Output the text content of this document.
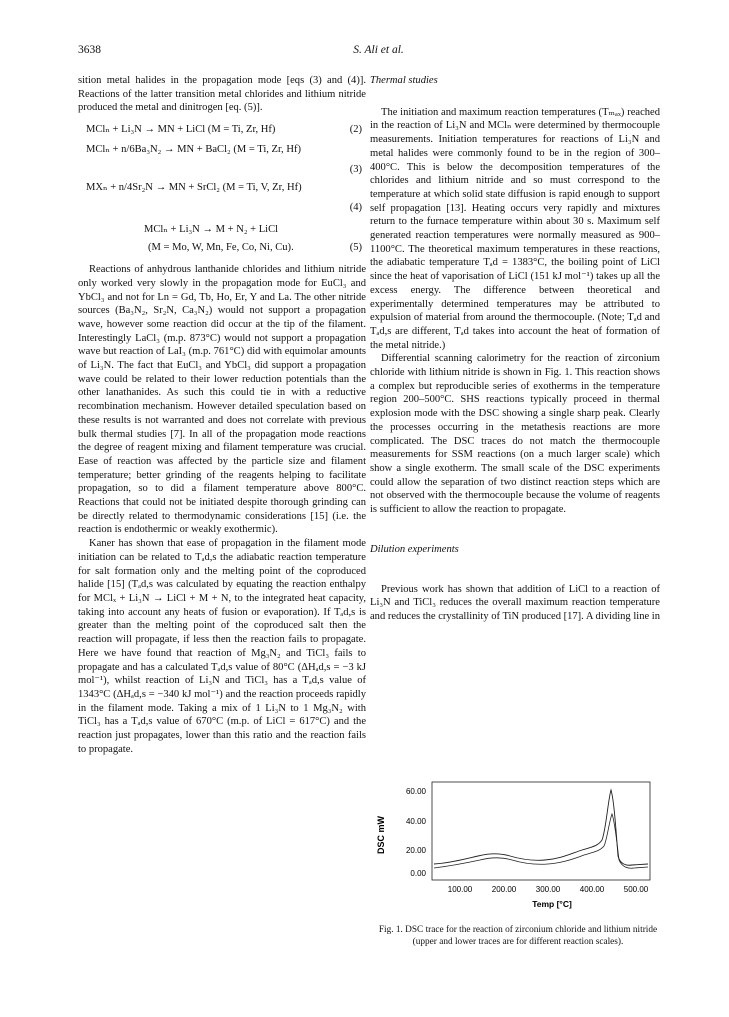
3638	S. Ali et al.

sition metal halides in the propagation mode [eqs (3) and (4)]. Reactions of the latter transition metal chlorides and lithium nitride produced the metal and dinitrogen [eq. (5)].

MClₙ + Li₃N → MN + LiCl (M = Ti, Zr, Hf)	(2)
MClₙ + n/6Ba₃N₂ → MN + BaCl₂ (M = Ti, Zr, Hf)
(3)
MXₙ + n/4Sr₂N → MN + SrCl₂ (M = Ti, V, Zr, Hf)
(4)
MClₙ + Li₃N → M + N₂ + LiCl
(M = Mo, W, Mn, Fe, Co, Ni, Cu).	(5)

Reactions of anhydrous lanthanide chlorides and lithium nitride only worked very slowly in the propagation mode for EuCl₃ and YbCl₃ and not for Ln = Gd, Tb, Ho, Er, Y and La. The other nitride sources (Ba₃N₂, Sr₂N, Ca₃N₂) would not support a propagation wave, however some reaction did occur at the tip of the filament. Interestingly LaCl₃ (m.p. 873°C) would not support a propagation wave but reaction of LaI₃ (m.p. 761°C) did with equimolar amounts of Li₃N. The fact that EuCl₃ and YbCl₃ did support a propagation wave could be related to their lower reduction potentials than the other lanathanides. As such this could tie in with a reductive recombination mechanism. However detailed speculation based on these results is not warranted and does not correlate with previous bulk thermal studies [7]. In all of the propagation mode reactions the degree of reagent mixing and filament temperature was crucial. Ease of reaction was affected by the particle size and filament temperature; better grinding of the reagents helping to facilitate propagation, so to did a filament temperature above 800°C. Reactions that could not be initiated despite thorough grinding can be directly related to thermodynamic considerations [15] (i.e. the reaction is endothermic or weakly exothermic).

Kaner has shown that ease of propagation in the filament mode initiation can be related to Tₐd,s the adiabatic reaction temperature for salt formation only and the melting point of the coproduced halide [15] (Tₐd,s was calculated by equating the reaction enthalpy for MClₓ + Li₃N → LiCl + M + N, to the integrated heat capacity, taking into account any heats of fusion or evaporation). If Tₐd,s is greater than the melting point of the coproduced salt then the reaction will propagate, if less then the reaction fails to propagate. Here we have found that reaction of Mg₃N₂ and TiCl₃ fails to propagate and has a calculated Tₐd,s value of 80°C (ΔHₐd,s = −3 kJ mol⁻¹), whilst reaction of Li₃N and TiCl₃ has a Tₐd,s value of 1343°C (ΔHₐd,s = −340 kJ mol⁻¹) and the reaction proceeds rapidly in the filament mode. Taking a mix of 1 Li₃N to 1 Mg₃N₂ with TiCl₃ has a Tₐd,s value of 670°C (m.p. of LiCl = 617°C) and the reaction just propagates, lower than this ratio and the reaction fails to propagate.

Thermal studies

The initiation and maximum reaction temperatures (Tₘₐₓ) reached in the reaction of Li₃N and MClₙ were determined by thermocouple measurements. Initiation temperatures for reactions of Li₃N and metal halides were commonly found to be in the region of 300–400°C. This is below the decomposition temperatures of the chlorides and lithium nitride and so must correspond to the temperature at which solid state diffusion is rapid enough to support self propagation [13]. Heating occurs very rapidly and mixtures return to the furnace temperature within about 30 s. Maximum self generated reaction temperatures were normally measured as 900–1100°C. The theoretical maximum temperatures in these reactions, the adiabatic temperature Tₐd = 1383°C, the boiling point of LiCl since the heat of vaporisation of LiCl (151 kJ mol⁻¹) takes up all the excess energy. The difference between theoretical and experimentally determined temperatures may be attributed to expulsion of material from around the thermocouple. (Note; Tₐd and Tₐd,s are different, Tₐd takes into account the heat of formation of the metal nitride.)

Differential scanning calorimetry for the reaction of zirconium chloride with lithium nitride is shown in Fig. 1. This reaction shows a complex but reproducible series of exotherms in the temperature region 200–500°C. SHS reactions typically proceed in thermal explosion mode with the DSC showing a single sharp peak. Clearly the processes occurring in the metathesis reactions are more complicated. The DSC traces do not match the thermocouple measurements for SSM reactions (on a much larger scale) which show a single exotherm. The small scale of the DSC experiments could allow the separation of two distinct reaction steps which are not observed with the thermocouple because the volume of reagents is sufficient to allow the reaction to propagate.

Dilution experiments

Previous work has shown that addition of LiCl to a reaction of Li₃N and TiCl₃ reduces the overall maximum reaction temperature and reduces the crystallinity of TiN produced [17]. A dividing line in

DSC mW
60.00
40.00
20.00
0.00
100.00 200.00 300.00 400.00 500.00
Temp [°C]
Fig. 1. DSC trace for the reaction of zirconium chloride and lithium nitride (upper and lower traces are for different reaction scales).
